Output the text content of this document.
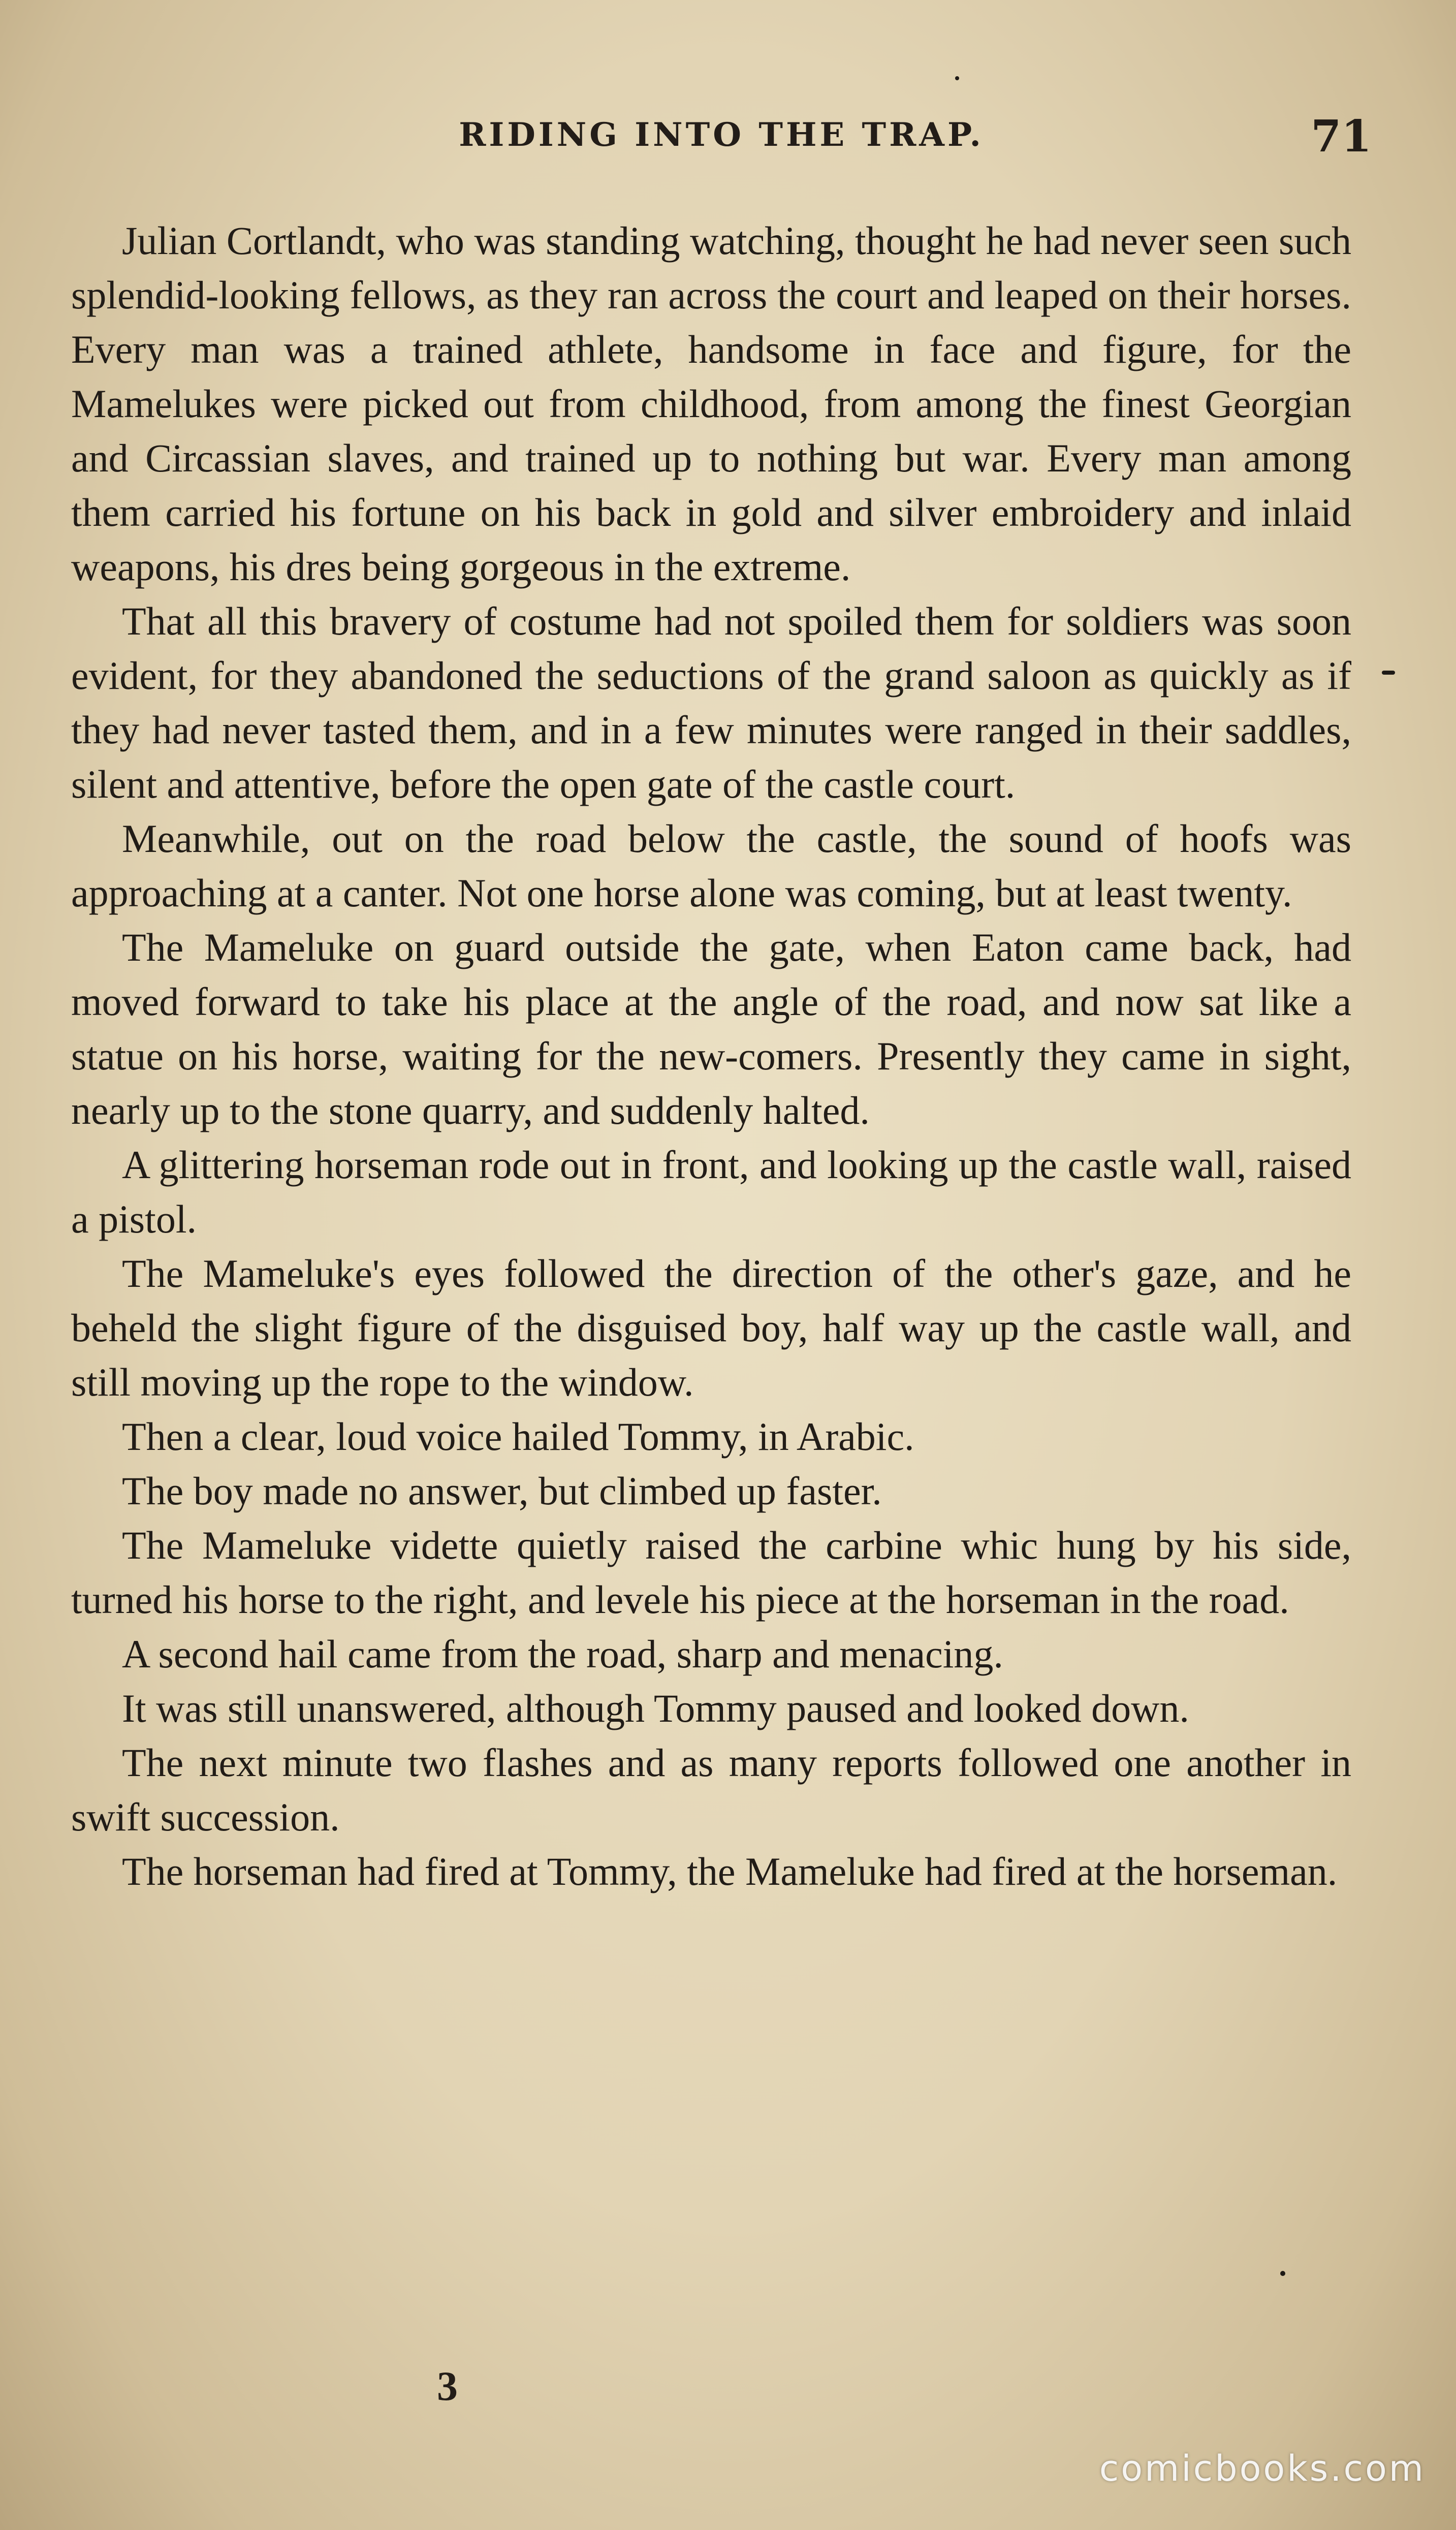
RIDING INTO THE TRAP.	71

Julian Cortlandt, who was standing watching, thought he had never seen such splendid-looking fellows, as they ran across the court and leaped on their horses. Every man was a trained athlete, handsome in face and figure, for the Mamelukes were picked out from childhood, from among the finest Georgian and Circassian slaves, and trained up to nothing but war. Every man among them carried his fortune on his back in gold and silver embroidery and inlaid weapons, his dres being gorgeous in the extreme.

That all this bravery of costume had not spoiled them for soldiers was soon evident, for they abandoned the seductions of the grand saloon as quickly as if they had never tasted them, and in a few minutes were ranged in their saddles, silent and attentive, before the open gate of the castle court.

Meanwhile, out on the road below the castle, the sound of hoofs was approaching at a canter. Not one horse alone was coming, but at least twenty.

The Mameluke on guard outside the gate, when Eaton came back, had moved forward to take his place at the angle of the road, and now sat like a statue on his horse, waiting for the new-comers. Presently they came in sight, nearly up to the stone quarry, and suddenly halted.

A glittering horseman rode out in front, and looking up the castle wall, raised a pistol.

The Mameluke's eyes followed the direction of the other's gaze, and he beheld the slight figure of the disguised boy, half way up the castle wall, and still moving up the rope to the window.

Then a clear, loud voice hailed Tommy, in Arabic.

The boy made no answer, but climbed up faster.

The Mameluke vidette quietly raised the carbine whic hung by his side, turned his horse to the right, and levele his piece at the horseman in the road.

A second hail came from the road, sharp and menacing.

It was still unanswered, although Tommy paused and looked down.

The next minute two flashes and as many reports followed one another in swift succession.

The horseman had fired at Tommy, the Mameluke had fired at the horseman.

3
comicbooks.com
